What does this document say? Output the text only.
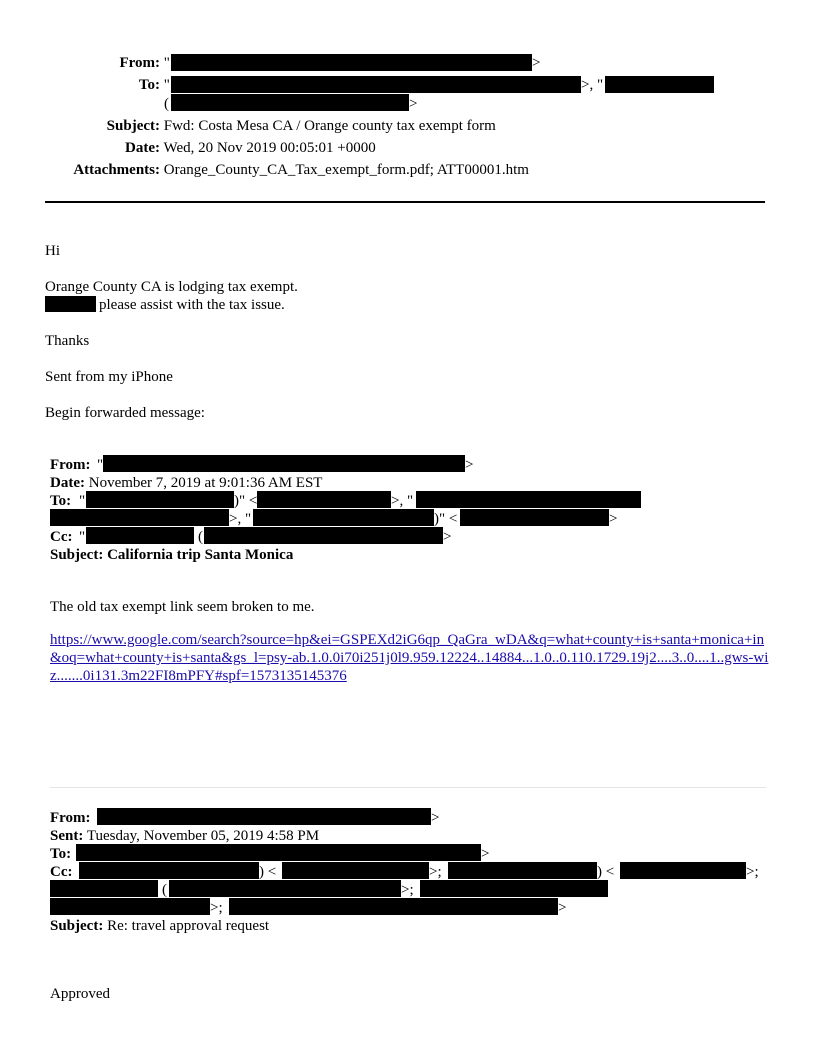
From: "	>
To: "	>, "
(	>
Subject: Fwd: Costa Mesa CA / Orange county tax exempt form
Date: Wed, 20 Nov 2019 00:05:01 +0000
Attachments: Orange_County_CA_Tax_exempt_form.pdf; ATT00001.htm
Hi
Orange County CA is lodging tax exempt.
please assist with the tax issue.
Thanks
Sent from my iPhone
Begin forwarded message:
From: "	>
Date: November 7, 2019 at 9:01:36 AM EST
To: "	)" <	>, "
>, "	)" <	>
Cc: "	(	>
Subject: California trip Santa Monica
The old tax exempt link seem broken to me.
https://www.google.com/search?source=hp&ei=GSPEXd2iG6qp_QaGra_wDA&q=what+county+is+santa+monica+in&oq=what+county+is+santa&gs_l=psy-ab.1.0.0i70i251j0l9.959.12224..14884...1.0..0.110.1729.19j2....3..0....1..gws-wiz.......0i131.3m22FI8mPFY#spf=1573135145376
From:	>
Sent: Tuesday, November 05, 2019 4:58 PM
To:	>
Cc:	) <	>;	) <	>;
(	>;
>;	>
Subject: Re: travel approval request
Approved
